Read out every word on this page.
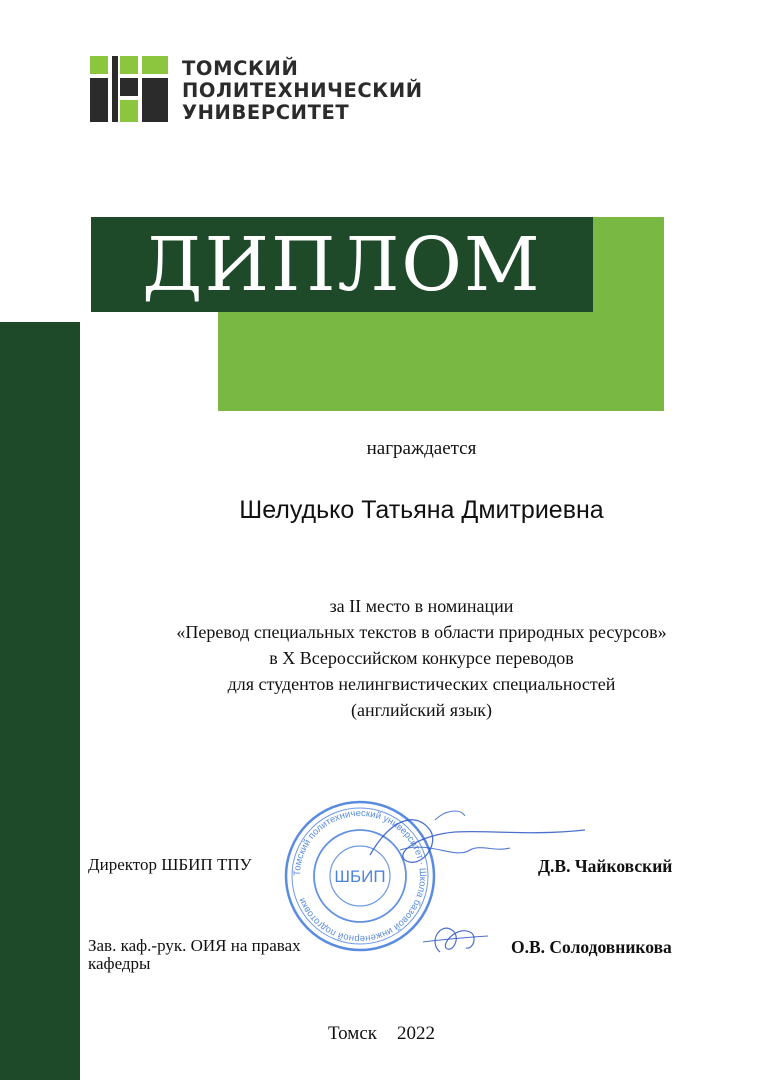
ТОМСКИЙ
ПОЛИТЕХНИЧЕСКИЙ
УНИВЕРСИТЕТ
ДИПЛОМ
награждается
Шелудько Татьяна Дмитриевна
за II место в номинации
«Перевод специальных текстов в области природных ресурсов»
в X Всероссийском конкурсе переводов
для студентов нелингвистических специальностей
(английский язык)
Томский политехнический университет · Школа базовой инженерной подготовки
ШБИП
Директор ШБИП ТПУ	Д.В. Чайковский
Зав. каф.-рук. ОИЯ на правах
кафедры
О.В. Солодовникова
Томск 2022
